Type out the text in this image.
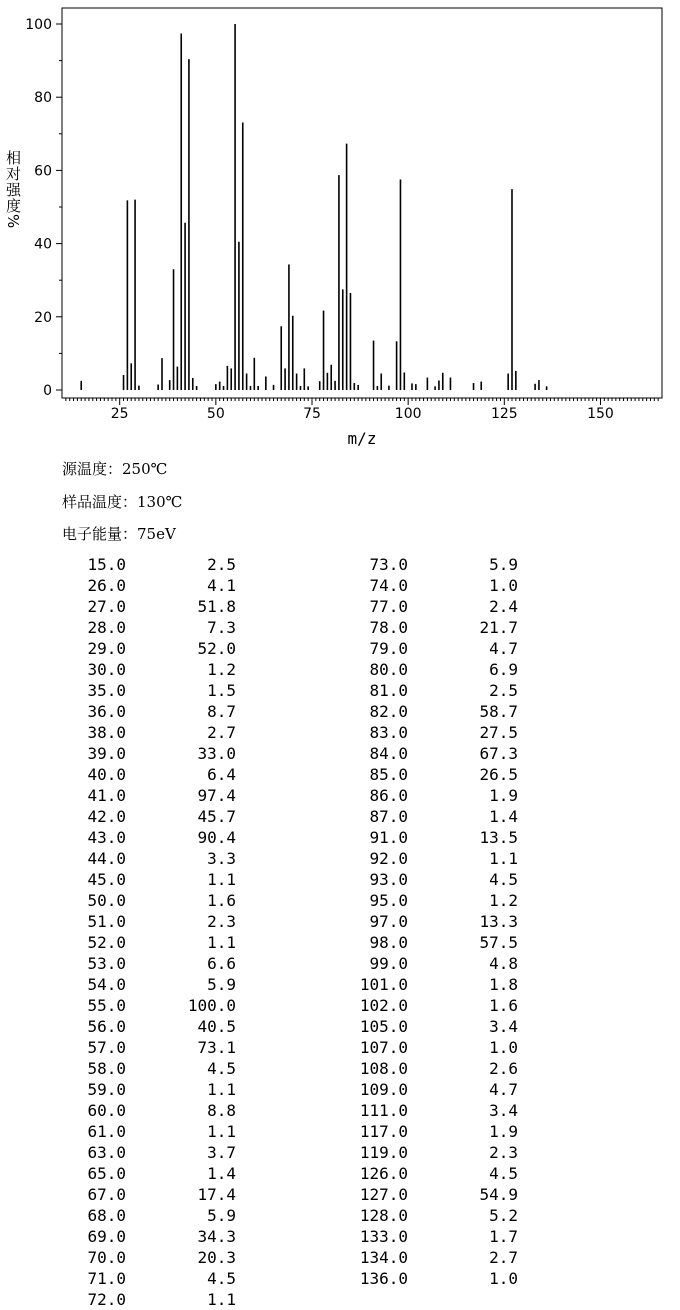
0
20
40
60
80
100
25	50	75	100	125	150
m/z
相对强度%
源温度：250℃
样品温度：130℃
电子能量：75eV
15.0	2.5
26.0	4.1
27.0	51.8
28.0	7.3
29.0	52.0
30.0	1.2
35.0	1.5
36.0	8.7
38.0	2.7
39.0	33.0
40.0	6.4
41.0	97.4
42.0	45.7
43.0	90.4
44.0	3.3
45.0	1.1
50.0	1.6
51.0	2.3
52.0	1.1
53.0	6.6
54.0	5.9
55.0	100.0
56.0	40.5
57.0	73.1
58.0	4.5
59.0	1.1
60.0	8.8
61.0	1.1
63.0	3.7
65.0	1.4
67.0	17.4
68.0	5.9
69.0	34.3
70.0	20.3
71.0	4.5
72.0	1.1
73.0	5.9
74.0	1.0
77.0	2.4
78.0	21.7
79.0	4.7
80.0	6.9
81.0	2.5
82.0	58.7
83.0	27.5
84.0	67.3
85.0	26.5
86.0	1.9
87.0	1.4
91.0	13.5
92.0	1.1
93.0	4.5
95.0	1.2
97.0	13.3
98.0	57.5
99.0	4.8
101.0	1.8
102.0	1.6
105.0	3.4
107.0	1.0
108.0	2.6
109.0	4.7
111.0	3.4
117.0	1.9
119.0	2.3
126.0	4.5
127.0	54.9
128.0	5.2
133.0	1.7
134.0	2.7
136.0	1.0
